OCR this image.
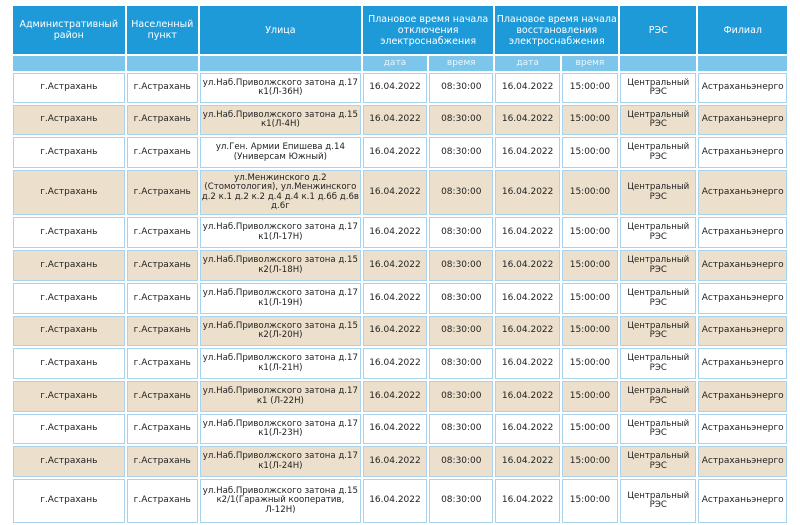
Административный район	Населенный пункт	Улица	Плановое время начала отключения электроснабжения		Плановое время начала восстановления электроснабжения		РЭС	Филиал
			дата	время	дата	время		
г.Астрахань	г.Астрахань	ул.Наб.Приволжского затона д.17 к1(Л-36Н)	16.04.2022	08:30:00	16.04.2022	15:00:00	Центральный РЭС	Астраханьэнерго
г.Астрахань	г.Астрахань	ул.Наб.Приволжского затона д.15 к1(Л-4Н)	16.04.2022	08:30:00	16.04.2022	15:00:00	Центральный РЭС	Астраханьэнерго
г.Астрахань	г.Астрахань	ул.Ген. Армии Епишева д.14 (Универсам Южный)	16.04.2022	08:30:00	16.04.2022	15:00:00	Центральный РЭС	Астраханьэнерго
г.Астрахань	г.Астрахань	ул.Менжинского д.2 (Стомотология), ул.Менжинского д.2 к.1 д.2 к.2 д.4 д.4 к.1 д.6б д.6в д.6г	16.04.2022	08:30:00	16.04.2022	15:00:00	Центральный РЭС	Астраханьэнерго
г.Астрахань	г.Астрахань	ул.Наб.Приволжского затона д.17 к1(Л-17Н)	16.04.2022	08:30:00	16.04.2022	15:00:00	Центральный РЭС	Астраханьэнерго
г.Астрахань	г.Астрахань	ул.Наб.Приволжского затона д.15 к2(Л-18Н)	16.04.2022	08:30:00	16.04.2022	15:00:00	Центральный РЭС	Астраханьэнерго
г.Астрахань	г.Астрахань	ул.Наб.Приволжского затона д.17 к1(Л-19Н)	16.04.2022	08:30:00	16.04.2022	15:00:00	Центральный РЭС	Астраханьэнерго
г.Астрахань	г.Астрахань	ул.Наб.Приволжского затона д.15 к2(Л-20Н)	16.04.2022	08:30:00	16.04.2022	15:00:00	Центральный РЭС	Астраханьэнерго
г.Астрахань	г.Астрахань	ул.Наб.Приволжского затона д.17 к1(Л-21Н)	16.04.2022	08:30:00	16.04.2022	15:00:00	Центральный РЭС	Астраханьэнерго
г.Астрахань	г.Астрахань	ул.Наб.Приволжского затона д.17 к1 (Л-22Н)	16.04.2022	08:30:00	16.04.2022	15:00:00	Центральный РЭС	Астраханьэнерго
г.Астрахань	г.Астрахань	ул.Наб.Приволжского затона д.17 к1(Л-23Н)	16.04.2022	08:30:00	16.04.2022	15:00:00	Центральный РЭС	Астраханьэнерго
г.Астрахань	г.Астрахань	ул.Наб.Приволжского затона д.17 к1(Л-24Н)	16.04.2022	08:30:00	16.04.2022	15:00:00	Центральный РЭС	Астраханьэнерго
г.Астрахань	г.Астрахань	ул.Наб.Приволжского затона д.15 к2/1(Гаражный кооператив, Л-12Н)	16.04.2022	08:30:00	16.04.2022	15:00:00	Центральный РЭС	Астраханьэнерго
